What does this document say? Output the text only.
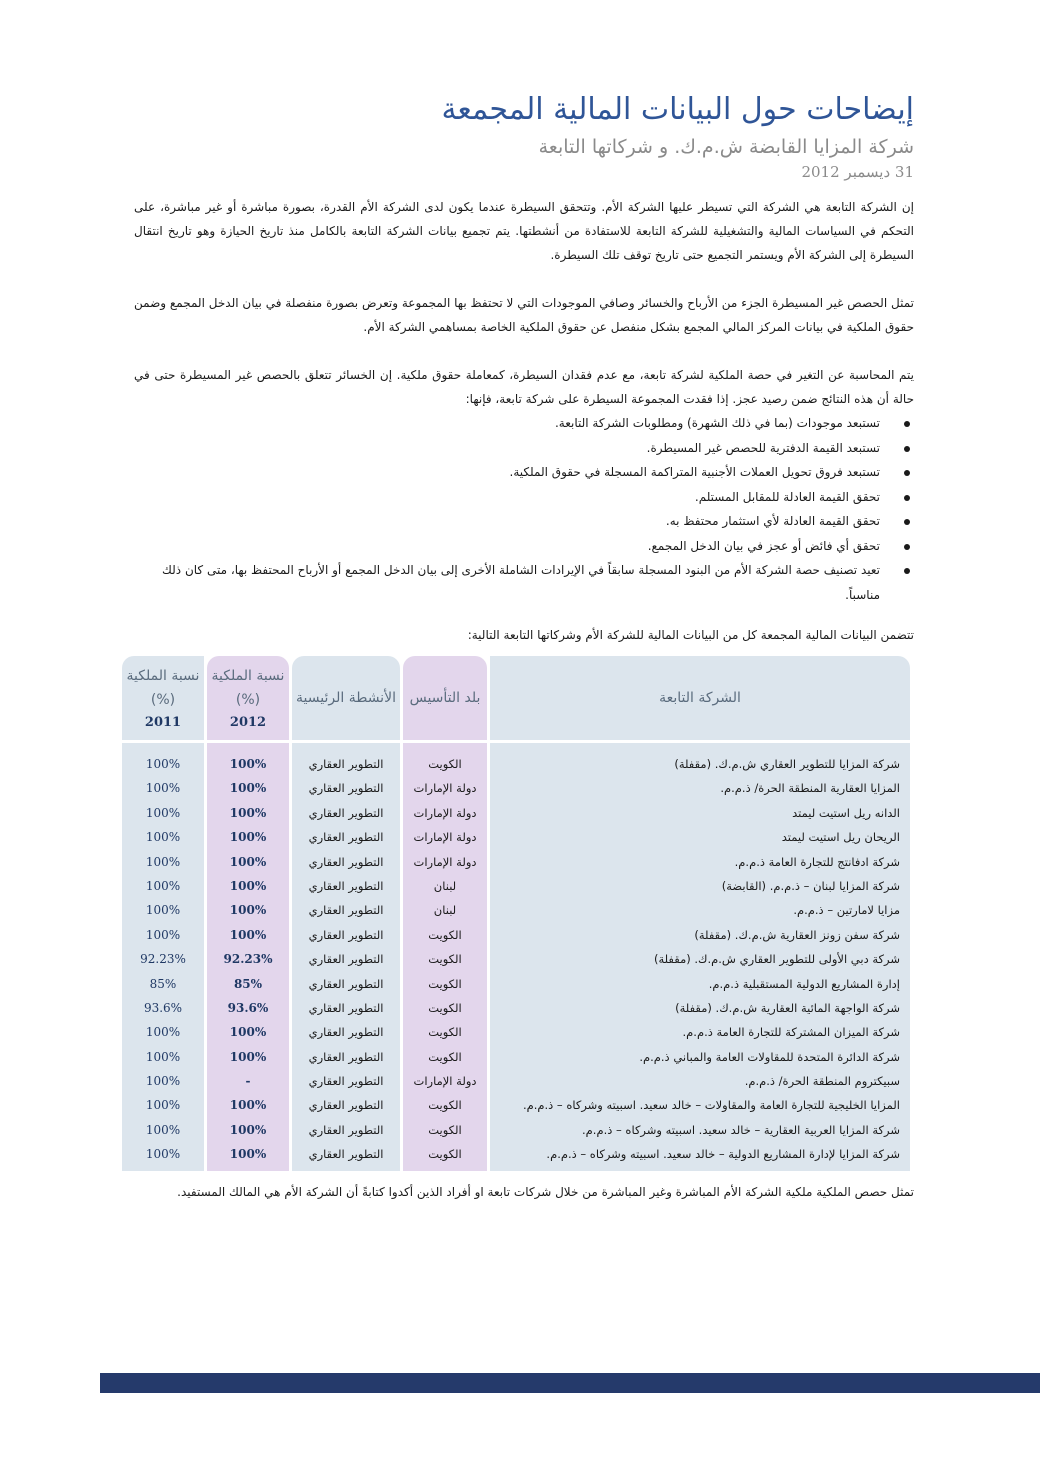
إيضاحات حول البيانات المالية المجمعة
شركة المزايا القابضة ش.م.ك. و شركاتها التابعة
31 ديسمبر 2012

إن الشركة التابعة هي الشركة التي تسيطر عليها الشركة الأم. وتتحقق السيطرة عندما يكون لدى الشركة الأم القدرة، بصورة مباشرة أو غير مباشرة، على التحكم في السياسات المالية والتشغيلية للشركة التابعة للاستفادة من أنشطتها. يتم تجميع بيانات الشركة التابعة بالكامل منذ تاريخ الحيازة وهو تاريخ انتقال السيطرة إلى الشركة الأم ويستمر التجميع حتى تاريخ توقف تلك السيطرة.

تمثل الحصص غير المسيطرة الجزء من الأرباح والخسائر وصافي الموجودات التي لا تحتفظ بها المجموعة وتعرض بصورة منفصلة في بيان الدخل المجمع وضمن حقوق الملكية في بيانات المركز المالي المجمع بشكل منفصل عن حقوق الملكية الخاصة بمساهمي الشركة الأم.

يتم المحاسبة عن التغير في حصة الملكية لشركة تابعة، مع عدم فقدان السيطرة، كمعاملة حقوق ملكية. إن الخسائر تتعلق بالحصص غير المسيطرة حتى في حالة أن هذه النتائج ضمن رصيد عجز. إذا فقدت المجموعة السيطرة على شركة تابعة، فإنها:

تستبعد موجودات (بما في ذلك الشهرة) ومطلوبات الشركة التابعة.
تستبعد القيمة الدفترية للحصص غير المسيطرة.
تستبعد فروق تحويل العملات الأجنبية المتراكمة المسجلة في حقوق الملكية.
تحقق القيمة العادلة للمقابل المستلم.
تحقق القيمة العادلة لأي استثمار محتفظ به.
تحقق أي فائض أو عجز في بيان الدخل المجمع.
تعيد تصنيف حصة الشركة الأم من البنود المسجلة سابقاً في الإيرادات الشاملة الأخرى إلى بيان الدخل المجمع أو الأرباح المحتفظ بها، متى كان ذلك مناسباً.
تتضمن البيانات المالية المجمعة كل من البيانات المالية للشركة الأم وشركاتها التابعة التالية:
الشركة التابعة
بلد التأسيس
الأنشطة الرئيسية
نسبة الملكية
(%)
2012
نسبة الملكية
(%)
2011
شركة المزايا للتطوير العقاري ش.م.ك. (مقفلة)
الكويت
التطوير العقاري
100%
100%
المزايا العقارية المنطقة الحرة/ ذ.م.م.
دولة الإمارات
التطوير العقاري
100%
100%
الدانه ريل استيت ليمتد
دولة الإمارات
التطوير العقاري
100%
100%
الريحان ريل استيت ليمتد
دولة الإمارات
التطوير العقاري
100%
100%
شركة ادفانتج للتجارة العامة ذ.م.م.
دولة الإمارات
التطوير العقاري
100%
100%
شركة المزايا لبنان – ذ.م.م. (القابضة)
لبنان
التطوير العقاري
100%
100%
مزايا لامارتين – ذ.م.م.
لبنان
التطوير العقاري
100%
100%
شركة سفن زونز العقارية ش.م.ك. (مقفلة)
الكويت
التطوير العقاري
100%
100%
شركة دبي الأولى للتطوير العقاري ش.م.ك. (مقفلة)
الكويت
التطوير العقاري
92.23%
92.23%
إدارة المشاريع الدولية المستقبلية ذ.م.م.
الكويت
التطوير العقاري
85%
85%
شركة الواجهة المائية العقارية ش.م.ك. (مقفلة)
الكويت
التطوير العقاري
93.6%
93.6%
شركة الميزان المشتركة للتجارة العامة ذ.م.م.
الكويت
التطوير العقاري
100%
100%
شركة الدائرة المتحدة للمقاولات العامة والمباني ذ.م.م.
الكويت
التطوير العقاري
100%
100%
سبيكتروم المنطقة الحرة/ ذ.م.م.
دولة الإمارات
التطوير العقاري
-
100%
المزايا الخليجية للتجارة العامة والمقاولات – خالد سعيد. اسبيته وشركاه – ذ.م.م.
الكويت
التطوير العقاري
100%
100%
شركة المزايا العربية العقارية – خالد سعيد. اسبيته وشركاه – ذ.م.م.
الكويت
التطوير العقاري
100%
100%
شركة المزايا لإدارة المشاريع الدولية – خالد سعيد. اسبيته وشركاه – ذ.م.م.
الكويت
التطوير العقاري
100%
100%
تمثل حصص الملكية ملكية الشركة الأم المباشرة وغير المباشرة من خلال شركات تابعة او أفراد الذين أكدوا كتابةً أن الشركة الأم هي المالك المستفيد.
